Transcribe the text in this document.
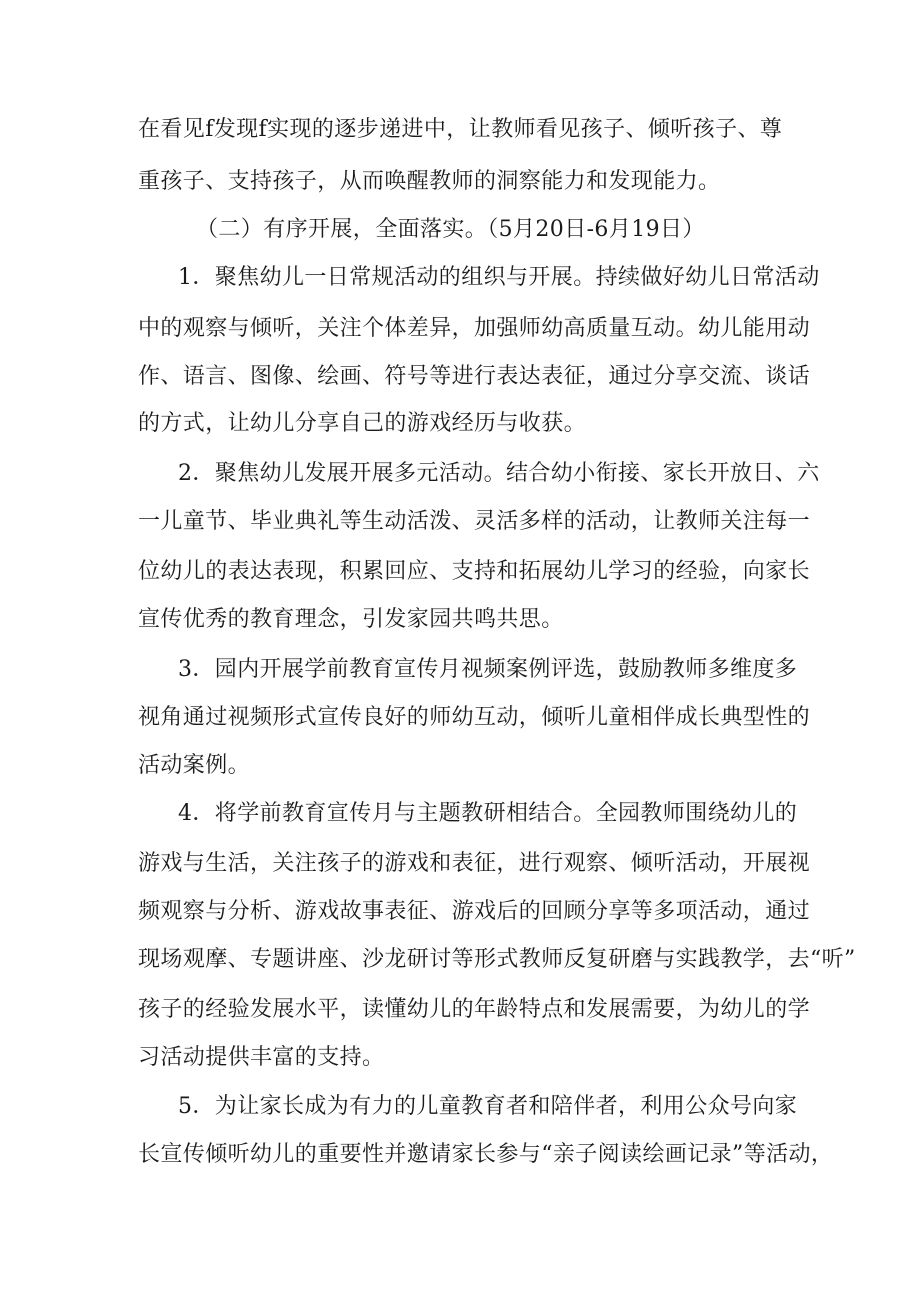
在看见f发现f实现的逐步递进中，让教师看见孩子、倾听孩子、尊
重孩子、支持孩子，从而唤醒教师的洞察能力和发现能力。
（二）有序开展，全面落实。（5月20日-6月19日）
1．聚焦幼儿一日常规活动的组织与开展。持续做好幼儿日常活动
中的观察与倾听，关注个体差异，加强师幼高质量互动。幼儿能用动
作、语言、图像、绘画、符号等进行表达表征，通过分享交流、谈话
的方式，让幼儿分享自己的游戏经历与收获。
2．聚焦幼儿发展开展多元活动。结合幼小衔接、家长开放日、六
一儿童节、毕业典礼等生动活泼、灵活多样的活动，让教师关注每一
位幼儿的表达表现，积累回应、支持和拓展幼儿学习的经验，向家长
宣传优秀的教育理念，引发家园共鸣共思。
3．园内开展学前教育宣传月视频案例评选，鼓励教师多维度多
视角通过视频形式宣传良好的师幼互动，倾听儿童相伴成长典型性的
活动案例。
4．将学前教育宣传月与主题教研相结合。全园教师围绕幼儿的
游戏与生活，关注孩子的游戏和表征，进行观察、倾听活动，开展视
频观察与分析、游戏故事表征、游戏后的回顾分享等多项活动，通过
现场观摩、专题讲座、沙龙研讨等形式教师反复研磨与实践教学，去“听”
孩子的经验发展水平，读懂幼儿的年龄特点和发展需要，为幼儿的学
习活动提供丰富的支持。
5．为让家长成为有力的儿童教育者和陪伴者，利用公众号向家
长宣传倾听幼儿的重要性并邀请家长参与“亲子阅读绘画记录”等活动，
